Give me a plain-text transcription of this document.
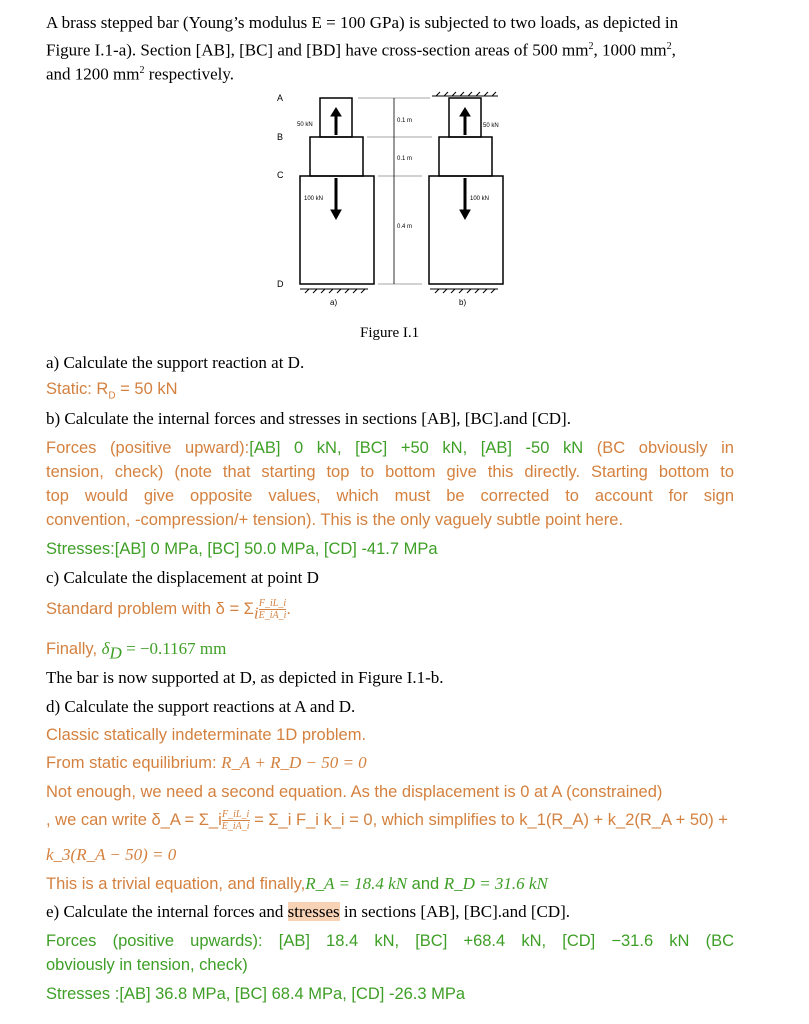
A brass stepped bar (Young’s modulus E = 100 GPa) is subjected to two loads, as depicted in
Figure I.1-a). Section [AB], [BC] and [BD] have cross-section areas of 500 $mm^2$, 1000 $mm^2$,
and 1200 $mm^2$ respectively.
A
B
C
D
0.1 m
0.1 m
0.4 m
50 kN	50 kN
100 kN	100 kN
a)	b)
Figure I.1
a) Calculate the support reaction at D.
Static: $R_D = 50$ kN
b) Calculate the internal forces and stresses in sections [AB], [BC].and [CD].
Forces (positive upward):[AB] 0 kN, [BC] +50 kN, [AB] -50 kN (BC obviously in
tension, check) (note that starting top to bottom give this directly. Starting bottom to
top would give opposite values, which must be corrected to account for sign
convention, -compression/+ tension). This is the only vaguely subtle point here.
Stresses:[AB] 0 MPa, [BC] 50.0 MPa, [CD] -41.7 MPa
c) Calculate the displacement at point D
Standard problem with $\delta = \Sigma_i \frac{F\_iL\_i}{E\_iA\_i}$ .
Finally, $\delta_D = -0.1167$ mm
The bar is now supported at D, as depicted in Figure I.1-b.
d) Calculate the support reactions at A and D.
Classic statically indeterminate 1D problem.
From static equilibrium: R_A + R_D − 50 = 0
Not enough, we need a second equation. As the displacement is 0 at A (constrained)
, we can write δ_A = Σ_i $\frac{F\_iL\_i}{E\_iA\_i}$ = Σ_i F_i k_i = 0, which simplifies to k_1(R_A) + k_2(R_A + 50) +
k_3(R_A − 50) = 0
This is a trivial equation, and finally,R_A = 18.4 kN and R_D = 31.6 kN
e) Calculate the internal forces and stresses in sections [AB], [BC].and [CD].
Forces (positive upwards): [AB] 18.4 kN, [BC] +68.4 kN, [CD] −31.6 kN (BC
obviously in tension, check)
Stresses :[AB] 36.8 MPa, [BC] 68.4 MPa, [CD] -26.3 MPa
